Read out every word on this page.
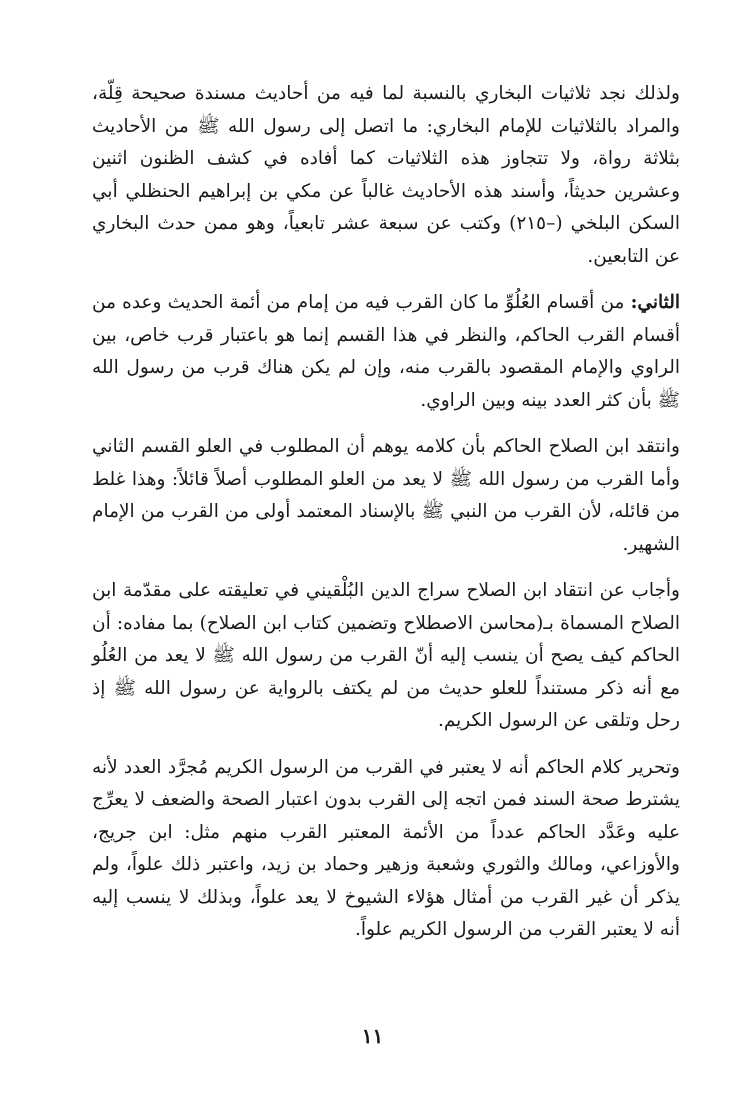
ولذلك نجد ثلاثيات البخاري بالنسبة لما فيه من أحاديث مسندة صحيحة قِلّة، والمراد بالثلاثيات للإمام البخاري: ما اتصل إلى رسول الله ﷺ من الأحاديث بثلاثة رواة، ولا تتجاوز هذه الثلاثيات كما أفاده في كشف الظنون اثنين وعشرين حديثاً، وأسند هذه الأحاديث غالباً عن مكي بن إبراهيم الحنظلي أبي السكن البلخي (–٢١٥) وكتب عن سبعة عشر تابعياً، وهو ممن حدث البخاري عن التابعين.

الثاني: من أقسام العُلُوِّ ما كان القرب فيه من إمام من أئمة الحديث وعده من أقسام القرب الحاكم، والنظر في هذا القسم إنما هو باعتبار قرب خاص، بين الراوي والإمام المقصود بالقرب منه، وإن لم يكن هناك قرب من رسول الله ﷺ بأن كثر العدد بينه وبين الراوي.

وانتقد ابن الصلاح الحاكم بأن كلامه يوهم أن المطلوب في العلو القسم الثاني وأما القرب من رسول الله ﷺ لا يعد من العلو المطلوب أصلاً قائلاً: وهذا غلط من قائله، لأن القرب من النبي ﷺ بالإسناد المعتمد أولى من القرب من الإمام الشهير.

وأجاب عن انتقاد ابن الصلاح سراج الدين البُلْقيني في تعليقته على مقدّمة ابن الصلاح المسماة بـ(محاسن الاصطلاح وتضمين كتاب ابن الصلاح) بما مفاده: أن الحاكم كيف يصح أن ينسب إليه أنّ القرب من رسول الله ﷺ لا يعد من العُلُو مع أنه ذكر مستنداً للعلو حديث من لم يكتف بالرواية عن رسول الله ﷺ إذ رحل وتلقى عن الرسول الكريم.

وتحرير كلام الحاكم أنه لا يعتبر في القرب من الرسول الكريم مُجرَّد العدد لأنه يشترط صحة السند فمن اتجه إلى القرب بدون اعتبار الصحة والضعف لا يعرِّج عليه وعَدَّد الحاكم عدداً من الأئمة المعتبر القرب منهم مثل: ابن جريج، والأوزاعي، ومالك والثوري وشعبة وزهير وحماد بن زيد، واعتبر ذلك علواً، ولم يذكر أن غير القرب من أمثال هؤلاء الشيوخ لا يعد علواً، وبذلك لا ينسب إليه أنه لا يعتبر القرب من الرسول الكريم علواً.

١١
